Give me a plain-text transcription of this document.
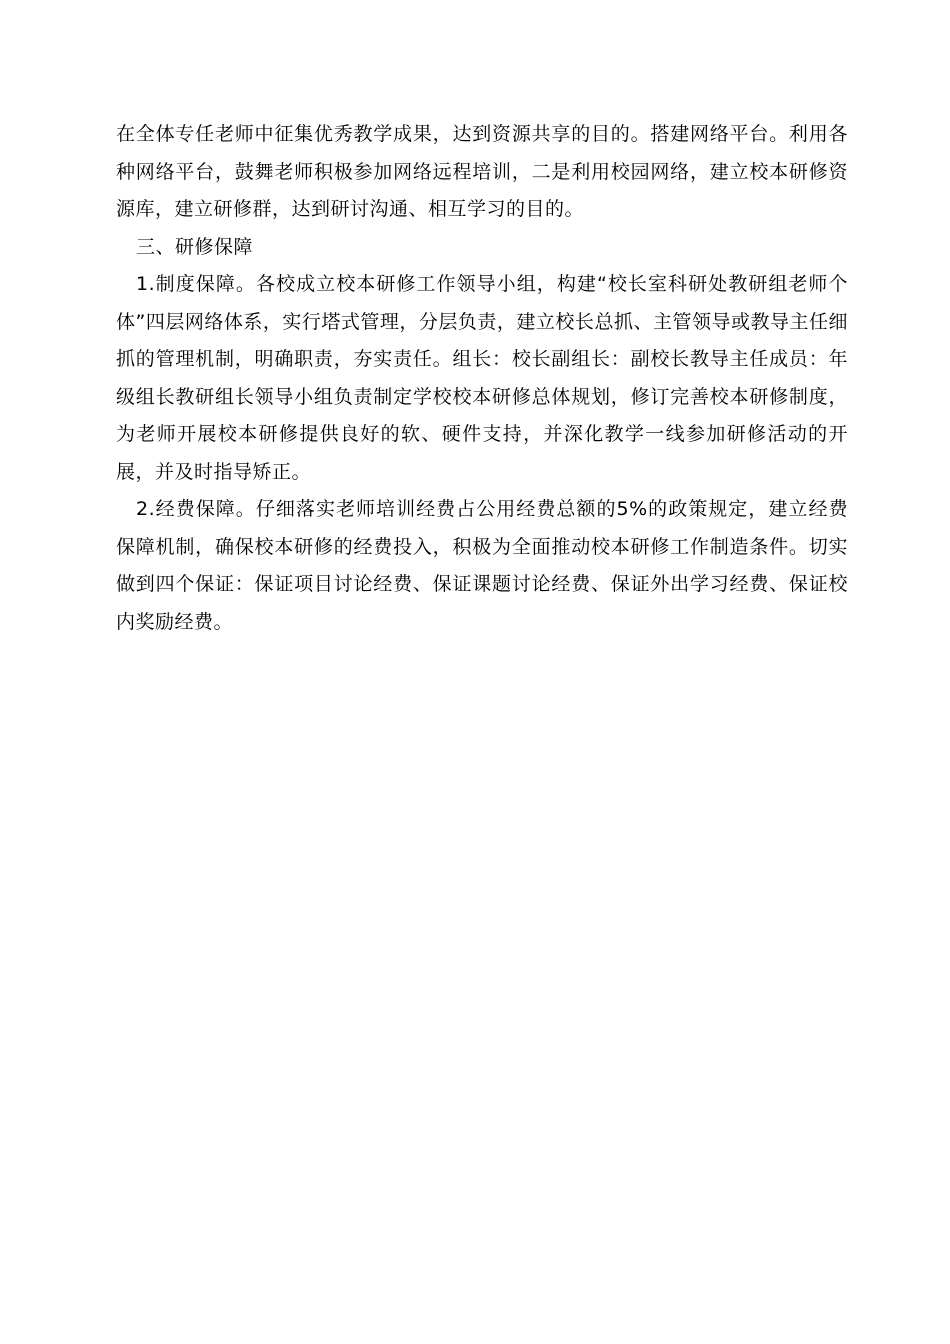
在全体专任老师中征集优秀教学成果，达到资源共享的目的。搭建网络平台。利用各种网络平台，鼓舞老师积极参加网络远程培训，二是利用校园网络，建立校本研修资源库，建立研修群，达到研讨沟通、相互学习的目的。

三、研修保障

1.制度保障。各校成立校本研修工作领导小组，构建“校长室科研处教研组老师个体”四层网络体系，实行塔式管理，分层负责，建立校长总抓、主管领导或教导主任细抓的管理机制，明确职责，夯实责任。组长：校长副组长：副校长教导主任成员：年级组长教研组长领导小组负责制定学校校本研修总体规划，修订完善校本研修制度，为老师开展校本研修提供良好的软、硬件支持，并深化教学一线参加研修活动的开展，并及时指导矫正。

2.经费保障。仔细落实老师培训经费占公用经费总额的5%的政策规定，建立经费保障机制，确保校本研修的经费投入，积极为全面推动校本研修工作制造条件。切实做到四个保证：保证项目讨论经费、保证课题讨论经费、保证外出学习经费、保证校内奖励经费。
